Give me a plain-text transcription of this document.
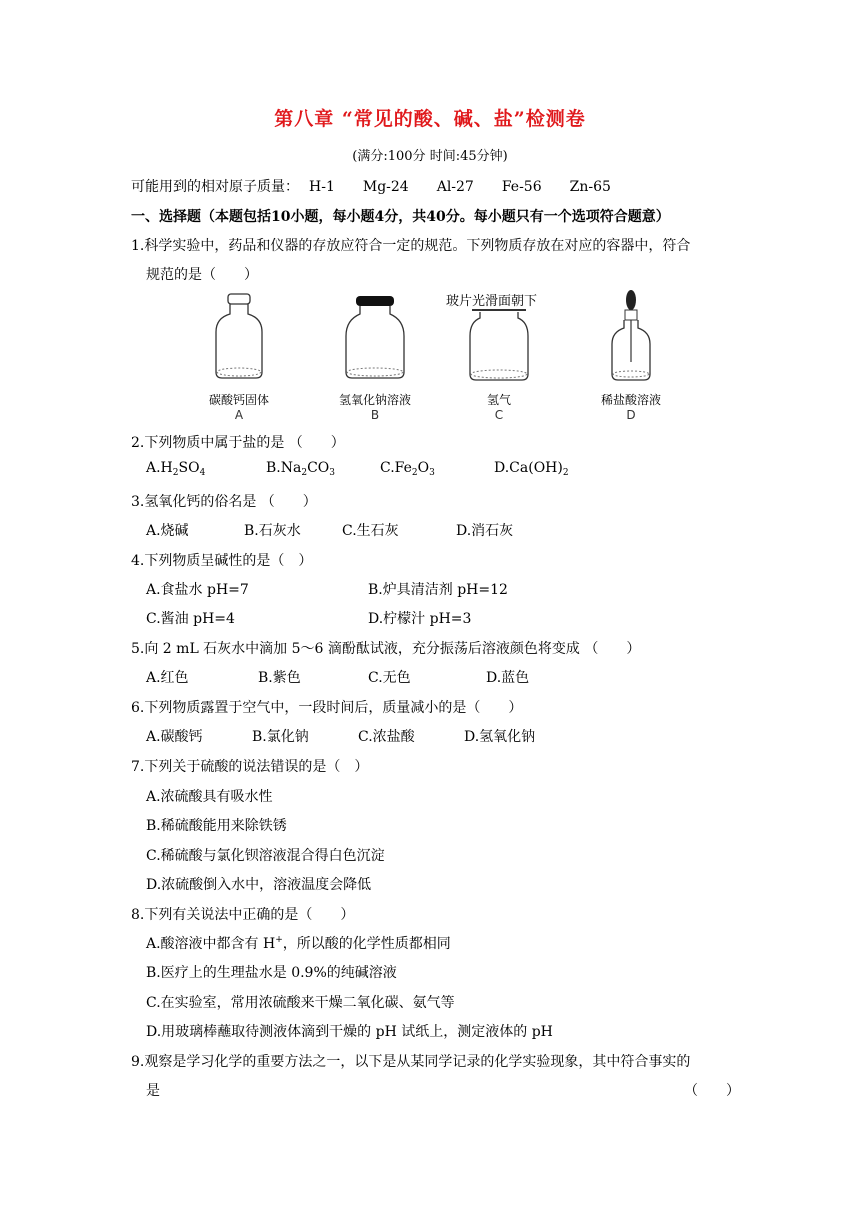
第八章 “常见的酸、碱、盐”检测卷
(满分:100分 时间:45分钟)
可能用到的相对原子质量： H-1 Mg-24 Al-27 Fe-56 Zn-65
一、选择题（本题包括10小题，每小题4分，共40分。每小题只有一个选项符合题意）
1.科学实验中，药品和仪器的存放应符合一定的规范。下列物质存放在对应的容器中，符合
规范的是（　　）
玻片光滑面朝下
碳酸钙固体
A
氢氧化钠溶液
B
氢气
C
稀盐酸溶液
D
2.下列物质中属于盐的是 （　　）
$A.H_2SO_4$	$B.Na_2CO_3$	$C.Fe_2O_3$	$D.Ca(OH)_2$
3.氢氧化钙的俗名是 （　　）
A.烧碱	B.石灰水	C.生石灰	D.消石灰
4.下列物质呈碱性的是（　）
A.食盐水 pH=7	B.炉具清洁剂 pH=12
C.酱油 pH=4	D.柠檬汁 pH=3
5.向 2 mL 石灰水中滴加 5～6 滴酚酞试液，充分振荡后溶液颜色将变成 （　　）
A.红色	B.紫色	C.无色	D.蓝色
6.下列物质露置于空气中，一段时间后，质量减小的是（　　）
A.碳酸钙	B.氯化钠	C.浓盐酸	D.氢氧化钠
7.下列关于硫酸的说法错误的是（　）
A.浓硫酸具有吸水性
B.稀硫酸能用来除铁锈
C.稀硫酸与氯化钡溶液混合得白色沉淀
D.浓硫酸倒入水中，溶液温度会降低
8.下列有关说法中正确的是（　　）
A.酸溶液中都含有 H+，所以酸的化学性质都相同
B.医疗上的生理盐水是 0.9%的纯碱溶液
C.在实验室，常用浓硫酸来干燥二氧化碳、氨气等
D.用玻璃棒蘸取待测液体滴到干燥的 pH 试纸上，测定液体的 pH
9.观察是学习化学的重要方法之一，以下是从某同学记录的化学实验现象，其中符合事实的
是	（　　）
